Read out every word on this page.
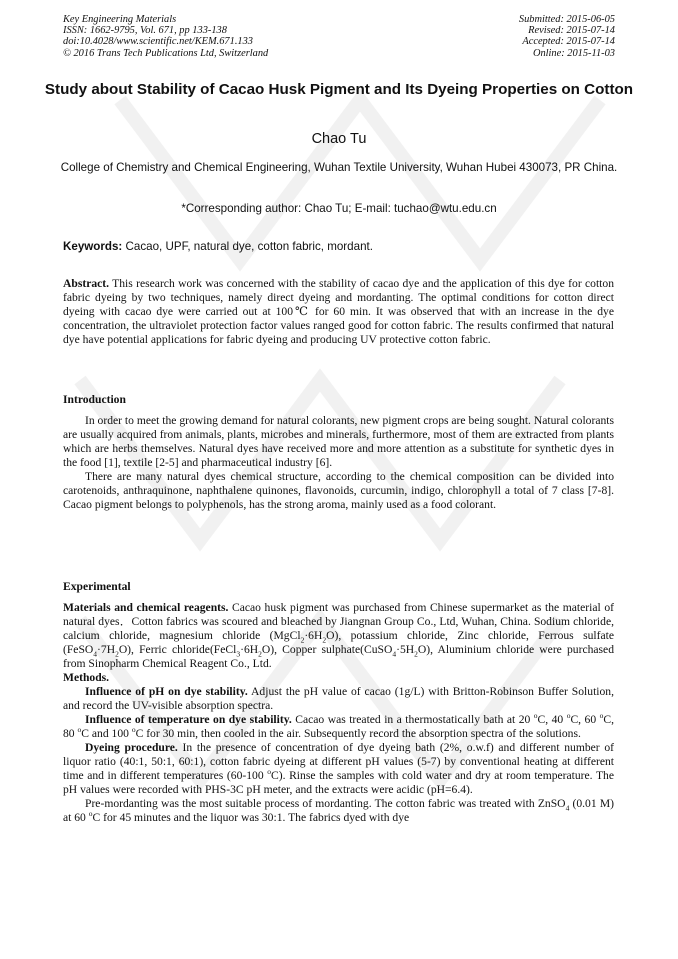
Key Engineering Materials
ISSN: 1662-9795, Vol. 671, pp 133-138
doi:10.4028/www.scientific.net/KEM.671.133
© 2016 Trans Tech Publications Ltd, Switzerland
Submitted: 2015-06-05
Revised: 2015-07-14
Accepted: 2015-07-14
Online: 2015-11-03
Study about Stability of Cacao Husk Pigment and Its Dyeing Properties on Cotton
Chao Tu
College of Chemistry and Chemical Engineering, Wuhan Textile University, Wuhan Hubei 430073, PR China.
*Corresponding author: Chao Tu; E-mail: tuchao@wtu.edu.cn
Keywords: Cacao, UPF, natural dye, cotton fabric, mordant.

Abstract. This research work was concerned with the stability of cacao dye and the application of this dye for cotton fabric dyeing by two techniques, namely direct dyeing and mordanting. The optimal conditions for cotton direct dyeing with cacao dye were carried out at 100℃ for 60 min. It was observed that with an increase in the dye concentration, the ultraviolet protection factor values ranged good for cotton fabric. The results confirmed that natural dye have potential applications for fabric dyeing and producing UV protective cotton fabric.

Introduction

In order to meet the growing demand for natural colorants, new pigment crops are being sought. Natural colorants are usually acquired from animals, plants, microbes and minerals, furthermore, most of them are extracted from plants which are herbs themselves. Natural dyes have received more and more attention as a substitute for synthetic dyes in the food [1], textile [2-5] and pharmaceutical industry [6].

There are many natural dyes chemical structure, according to the chemical composition can be divided into carotenoids, anthraquinone, naphthalene quinones, flavonoids, curcumin, indigo, chlorophyll a total of 7 class [7-8]. Cacao pigment belongs to polyphenols, has the strong aroma, mainly used as a food colorant.

Experimental

Materials and chemical reagents. Cacao husk pigment was purchased from Chinese supermarket as the material of natural dyes．Cotton fabrics was scoured and bleached by Jiangnan Group Co., Ltd, Wuhan, China. Sodium chloride, calcium chloride, magnesium chloride $(MgCl_2\cdot 6H_2O)$, potassium chloride, Zinc chloride, Ferrous sulfate $(FeSO_4\cdot 7H_2O)$, Ferric $chloride(FeCl_3\cdot 6H_2O)$, Copper $sulphate(CuSO_4\cdot 5H_2O)$, Aluminium chloride were purchased from Sinopharm Chemical Reagent Co., Ltd.

Methods.

Influence of pH on dye stability. Adjust the pH value of cacao (1g/L) with Britton-Robinson Buffer Solution, and record the UV-visible absorption spectra.

Influence of temperature on dye stability. Cacao was treated in a thermostatically bath at 20 $^o$C, 40 $^o$C, 60 $^o$C, 80 $^o$C and 100 $^o$C for 30 min, then cooled in the air. Subsequently record the absorption spectra of the solutions.

Dyeing procedure. In the presence of concentration of dye dyeing bath (2%, o.w.f) and different number of liquor ratio (40:1, 50:1, 60:1), cotton fabric dyeing at different pH values (5-7) by conventional heating at different time and in different temperatures (60-100 $^o$C). Rinse the samples with cold water and dry at room temperature. The pH values were recorded with PHS-3C pH meter, and the extracts were acidic (pH=6.4).

Pre-mordanting was the most suitable process of mordanting. The cotton fabric was treated with ZnSO$_4$ (0.01 M) at 60 $^o$C for 45 minutes and the liquor was 30:1. The fabrics dyed with dye
